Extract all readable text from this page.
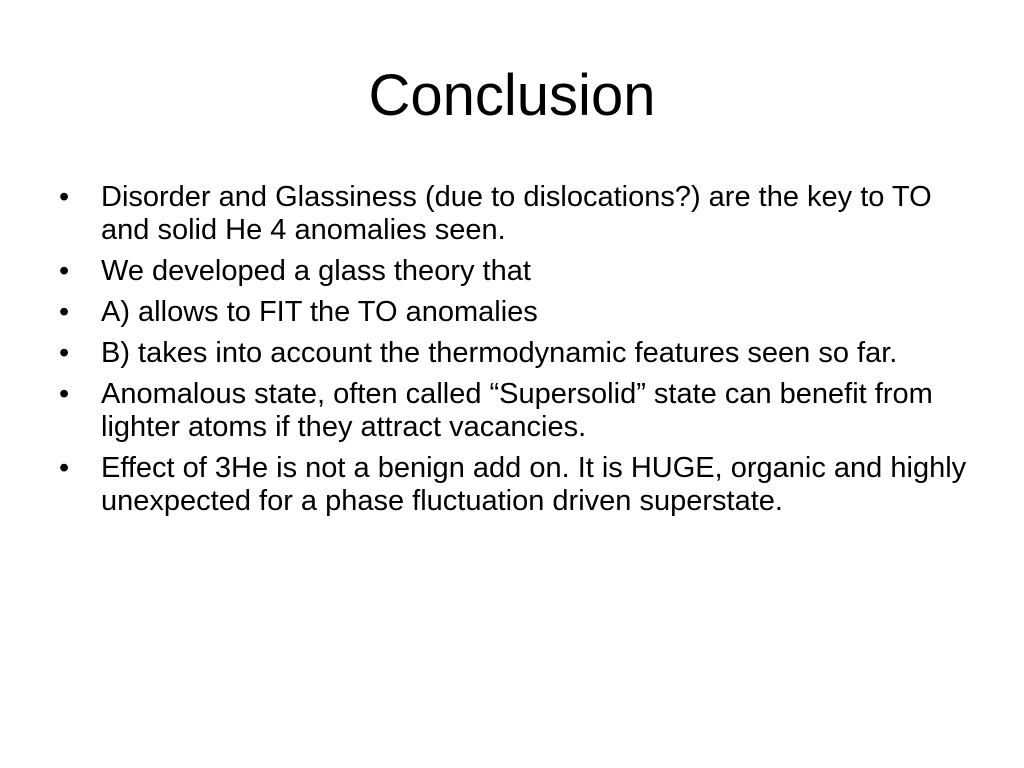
Conclusion
•	Disorder and Glassiness (due to dislocations?) are the key to TO and solid He 4 anomalies seen.
•	We developed a glass theory that
•	A) allows to FIT the TO anomalies
•	B) takes into account the thermodynamic features seen so far.
•	Anomalous state, often called “Supersolid” state can benefit from lighter atoms if they attract vacancies.
•	Effect of 3He is not a benign add on. It is HUGE, organic and highly unexpected for a phase fluctuation driven superstate.
